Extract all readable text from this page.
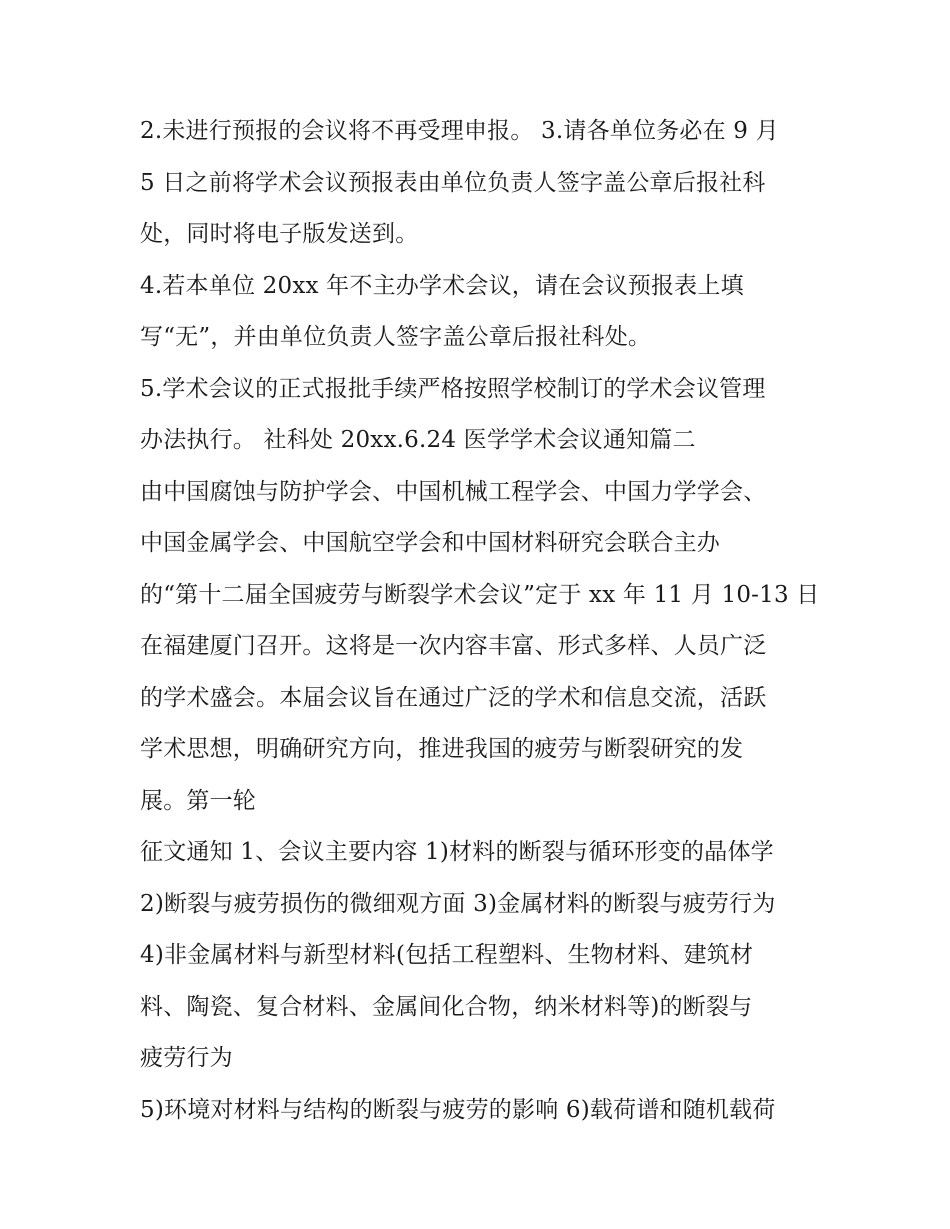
2.未进行预报的会议将不再受理申报。 3.请各单位务必在 9 月
5 日之前将学术会议预报表由单位负责人签字盖公章后报社科
处，同时将电子版发送到。
4.若本单位 20xx 年不主办学术会议，请在会议预报表上填
写“无”，并由单位负责人签字盖公章后报社科处。
5.学术会议的正式报批手续严格按照学校制订的学术会议管理
办法执行。 社科处 20xx.6.24 医学学术会议通知篇二
由中国腐蚀与防护学会、中国机械工程学会、中国力学学会、
中国金属学会、中国航空学会和中国材料研究会联合主办
的“第十二届全国疲劳与断裂学术会议”定于 xx 年 11 月 10-13 日
在福建厦门召开。这将是一次内容丰富、形式多样、人员广泛
的学术盛会。本届会议旨在通过广泛的学术和信息交流，活跃
学术思想，明确研究方向，推进我国的疲劳与断裂研究的发
展。第一轮
征文通知 1、会议主要内容 1)材料的断裂与循环形变的晶体学
2)断裂与疲劳损伤的微细观方面 3)金属材料的断裂与疲劳行为
4)非金属材料与新型材料(包括工程塑料、生物材料、建筑材
料、陶瓷、复合材料、金属间化合物，纳米材料等)的断裂与
疲劳行为
5)环境对材料与结构的断裂与疲劳的影响 6)载荷谱和随机载荷
